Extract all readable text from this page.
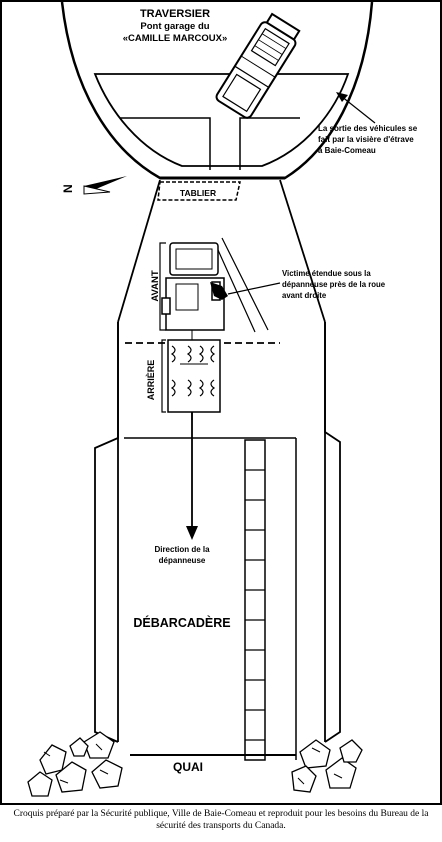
TRAVERSIER
Pont garage du
«CAMILLE MARCOUX»
La sortie des véhicules se
fait par la visière d'étrave
à Baie-Comeau
N	TABLIER
AVANT
ARRIÈRE
Victime étendue sous la
dépanneuse près de la roue
avant droite
Direction de la
dépanneuse
DÉBARCADÈRE
QUAI
Croquis préparé par la Sécurité publique, Ville de Baie-Comeau et reproduit pour les besoins du Bureau de la sécurité des transports du Canada.
